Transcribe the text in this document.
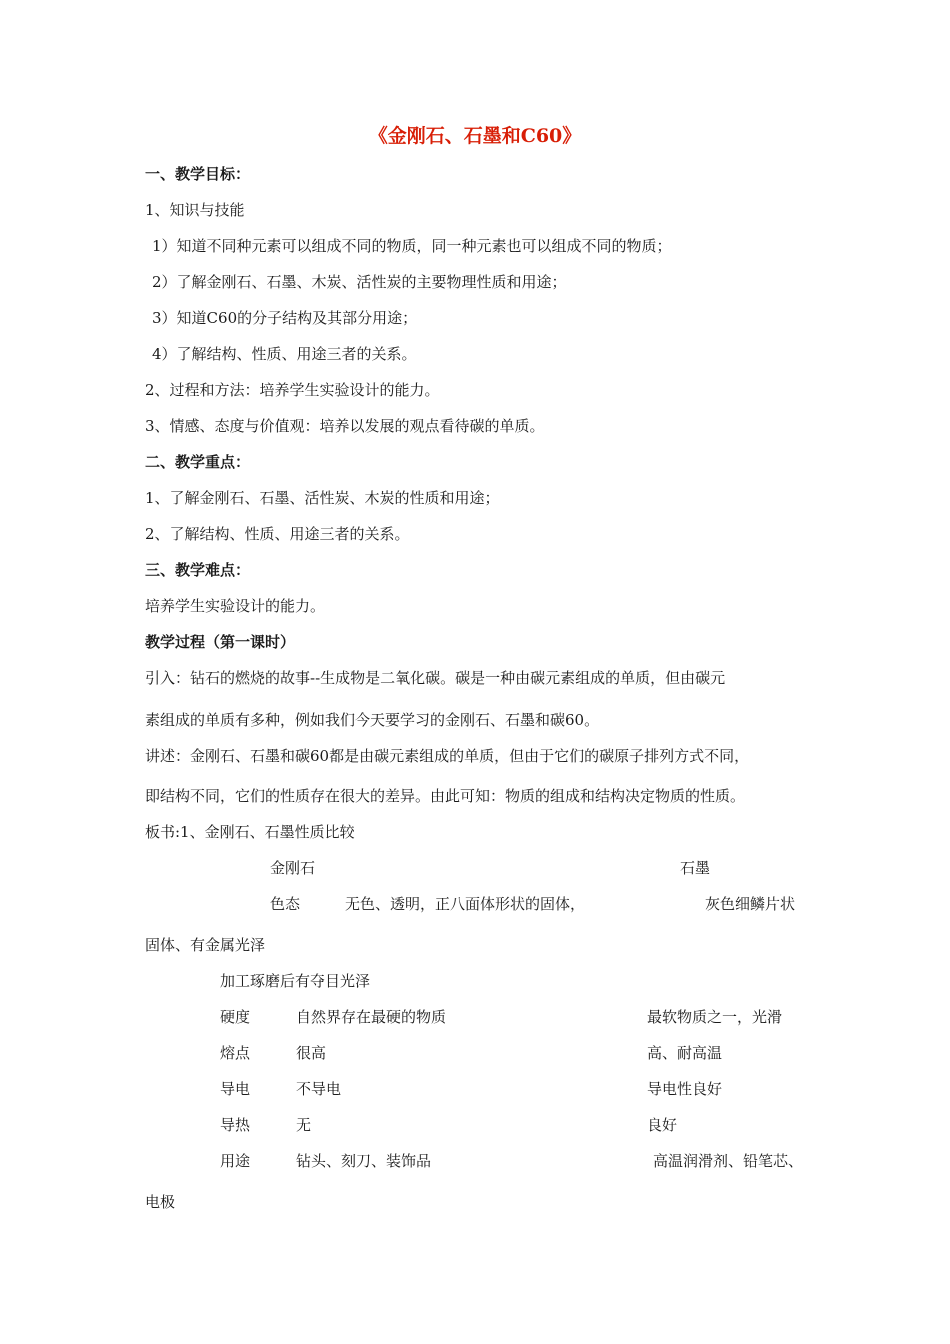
《金刚石、石墨和C60》
一、教学目标：
1、知识与技能
1）知道不同种元素可以组成不同的物质，同一种元素也可以组成不同的物质；
2）了解金刚石、石墨、木炭、活性炭的主要物理性质和用途；
3）知道C60的分子结构及其部分用途；
4）了解结构、性质、用途三者的关系。
2、过程和方法：培养学生实验设计的能力。
3、情感、态度与价值观：培养以发展的观点看待碳的单质。
二、教学重点：
1、了解金刚石、石墨、活性炭、木炭的性质和用途；
2、了解结构、性质、用途三者的关系。
三、教学难点：
培养学生实验设计的能力。
教学过程（第一课时）
引入：钻石的燃烧的故事--生成物是二氧化碳。碳是一种由碳元素组成的单质，但由碳元
素组成的单质有多种，例如我们今天要学习的金刚石、石墨和碳60。
讲述：金刚石、石墨和碳60都是由碳元素组成的单质，但由于它们的碳原子排列方式不同，
即结构不同，它们的性质存在很大的差异。由此可知：物质的组成和结构决定物质的性质。
板书:1、金刚石、石墨性质比较
金刚石	石墨
色态	无色、透明，正八面体形状的固体，	灰色细鳞片状
固体、有金属光泽
加工琢磨后有夺目光泽
硬度	自然界存在最硬的物质	最软物质之一，光滑
熔点	很高	高、耐高温
导电	不导电	导电性良好
导热	无	良好
用途	钻头、刻刀、装饰品	高温润滑剂、铅笔芯、
电极
